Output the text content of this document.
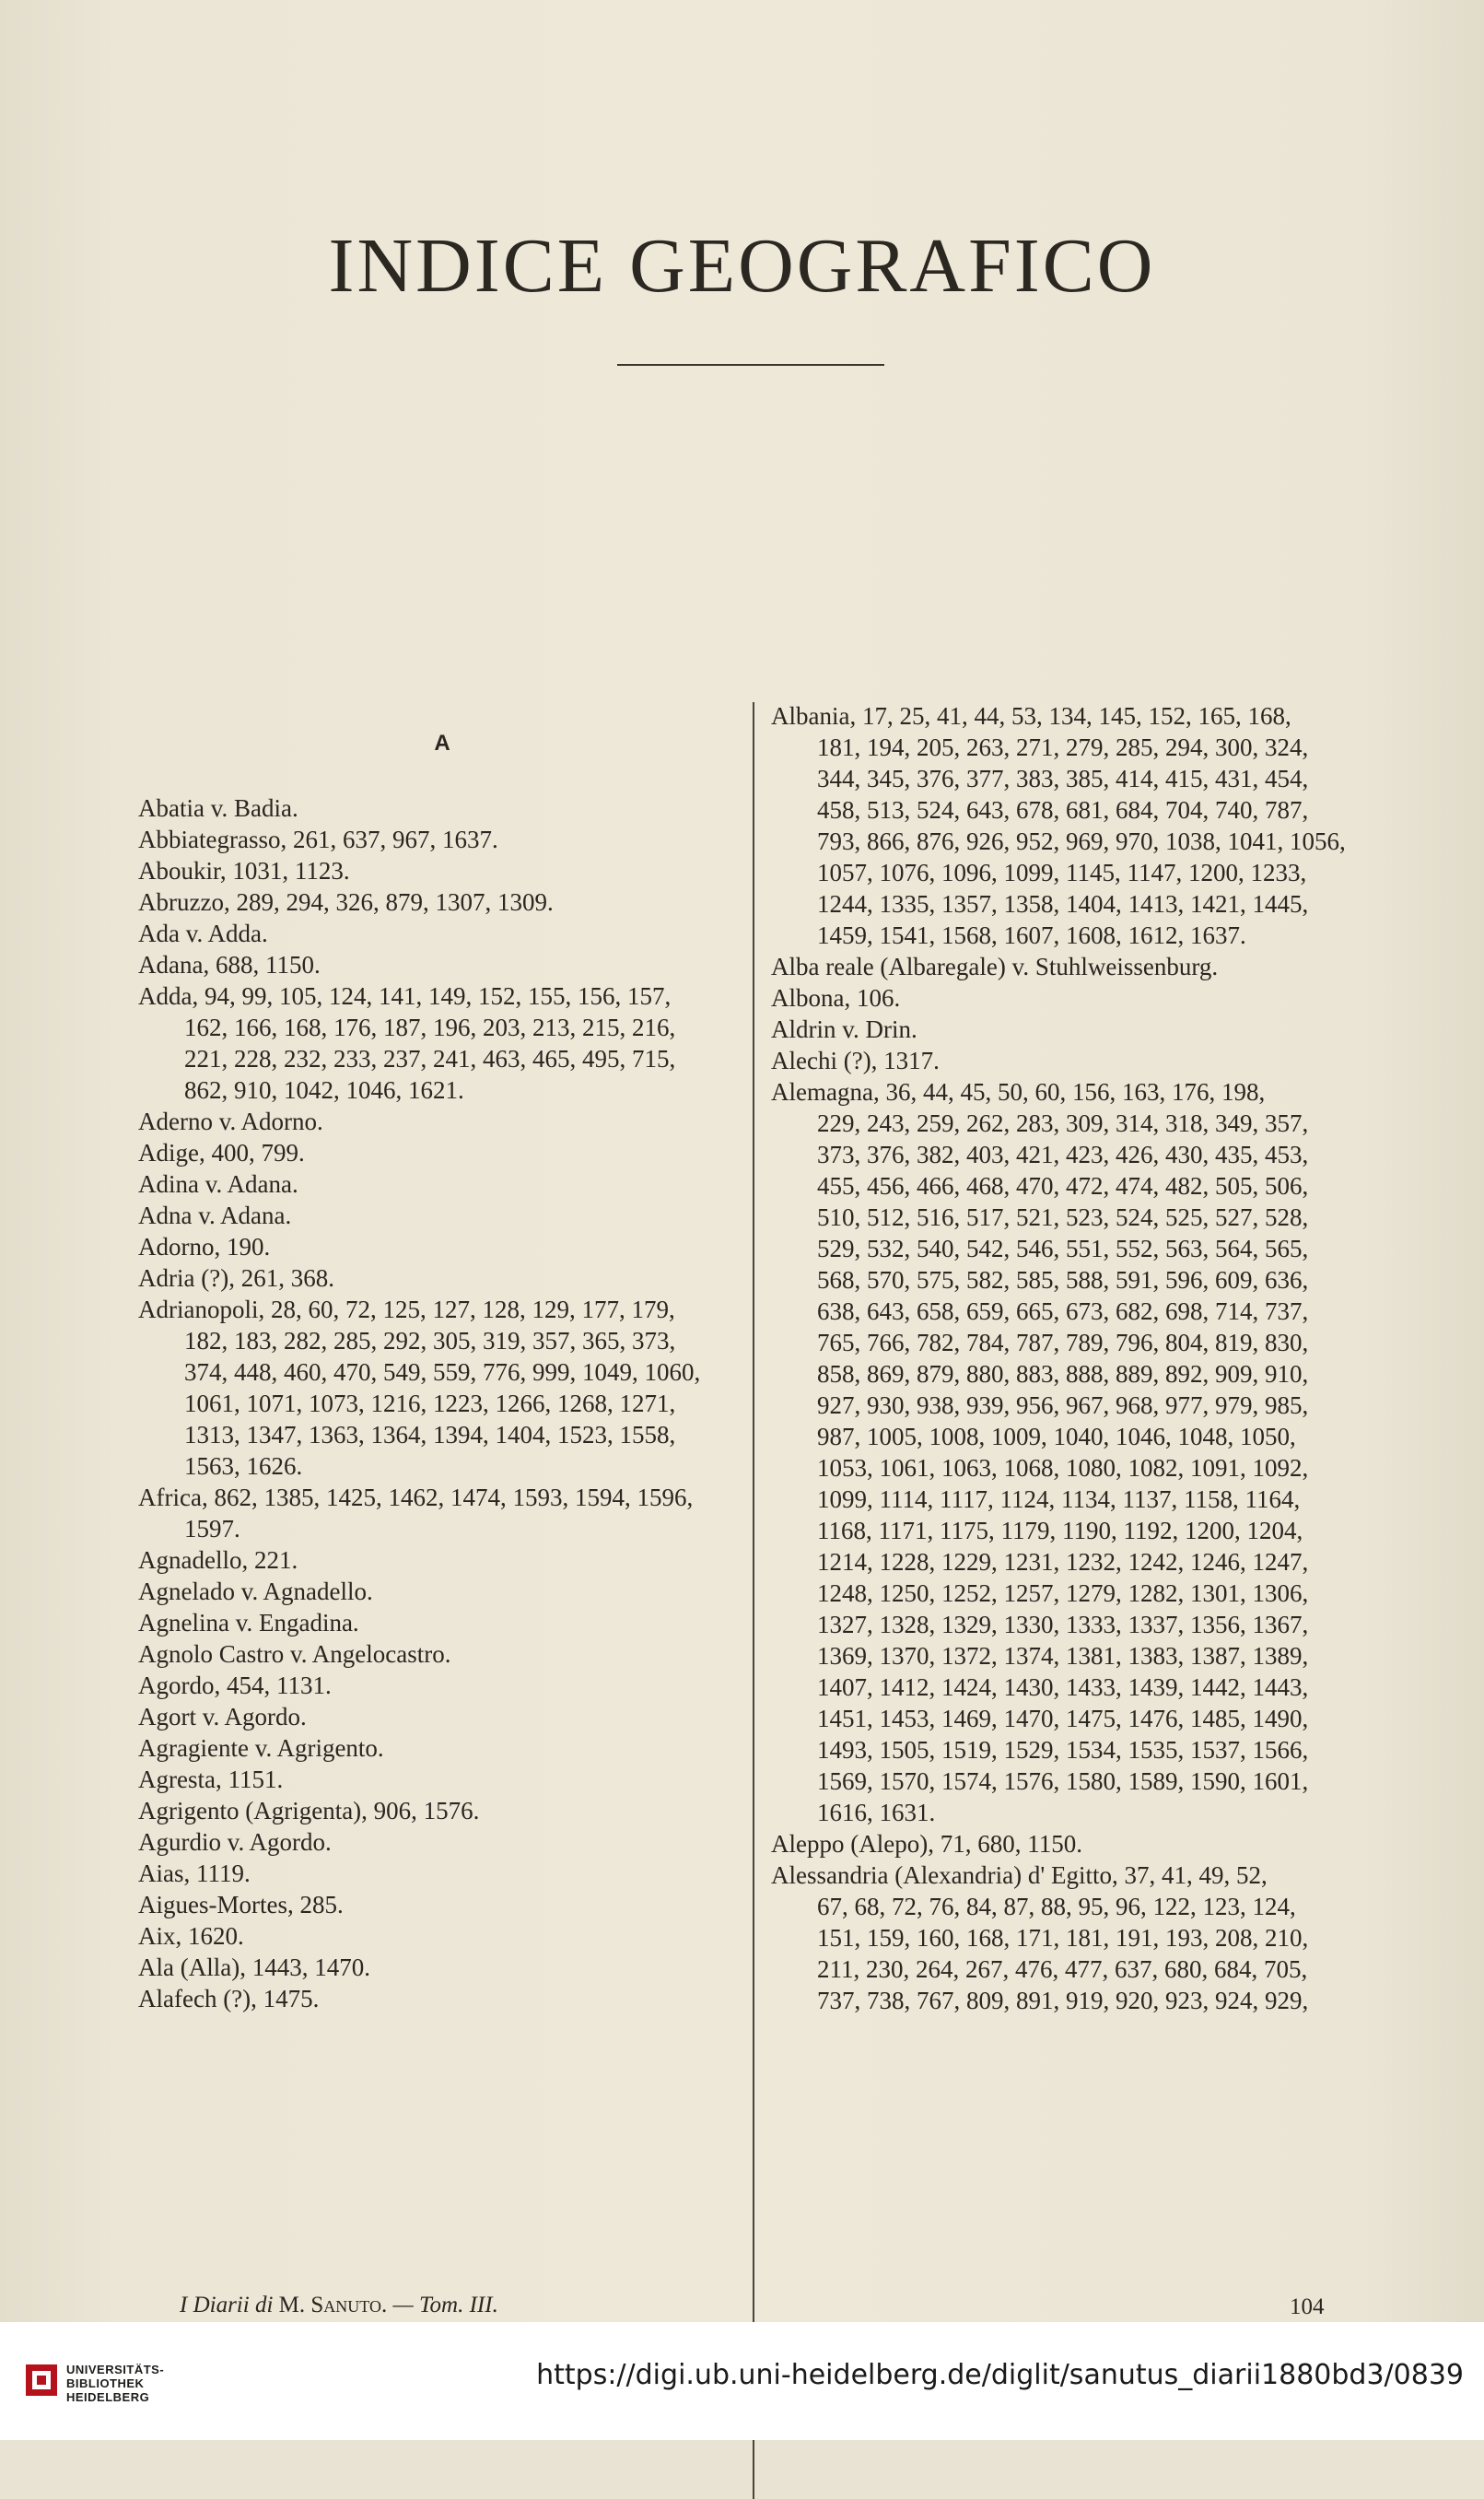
INDICE GEOGRAFICO
A
Abatia v. Badia.
Abbiategrasso, 261, 637, 967, 1637.
Aboukir, 1031, 1123.
Abruzzo, 289, 294, 326, 879, 1307, 1309.
Ada v. Adda.
Adana, 688, 1150.
Adda, 94, 99, 105, 124, 141, 149, 152, 155, 156, 157,
162, 166, 168, 176, 187, 196, 203, 213, 215, 216,
221, 228, 232, 233, 237, 241, 463, 465, 495, 715,
862, 910, 1042, 1046, 1621.
Aderno v. Adorno.
Adige, 400, 799.
Adina v. Adana.
Adna v. Adana.
Adorno, 190.
Adria (?), 261, 368.
Adrianopoli, 28, 60, 72, 125, 127, 128, 129, 177, 179,
182, 183, 282, 285, 292, 305, 319, 357, 365, 373,
374, 448, 460, 470, 549, 559, 776, 999, 1049, 1060,
1061, 1071, 1073, 1216, 1223, 1266, 1268, 1271,
1313, 1347, 1363, 1364, 1394, 1404, 1523, 1558,
1563, 1626.
Africa, 862, 1385, 1425, 1462, 1474, 1593, 1594, 1596,
1597.
Agnadello, 221.
Agnelado v. Agnadello.
Agnelina v. Engadina.
Agnolo Castro v. Angelocastro.
Agordo, 454, 1131.
Agort v. Agordo.
Agragiente v. Agrigento.
Agresta, 1151.
Agrigento (Agrigenta), 906, 1576.
Agurdio v. Agordo.
Aias, 1119.
Aigues-Mortes, 285.
Aix, 1620.
Ala (Alla), 1443, 1470.
Alafech (?), 1475.
Albania, 17, 25, 41, 44, 53, 134, 145, 152, 165, 168,
181, 194, 205, 263, 271, 279, 285, 294, 300, 324,
344, 345, 376, 377, 383, 385, 414, 415, 431, 454,
458, 513, 524, 643, 678, 681, 684, 704, 740, 787,
793, 866, 876, 926, 952, 969, 970, 1038, 1041, 1056,
1057, 1076, 1096, 1099, 1145, 1147, 1200, 1233,
1244, 1335, 1357, 1358, 1404, 1413, 1421, 1445,
1459, 1541, 1568, 1607, 1608, 1612, 1637.
Alba reale (Albaregale) v. Stuhlweissenburg.
Albona, 106.
Aldrin v. Drin.
Alechi (?), 1317.
Alemagna, 36, 44, 45, 50, 60, 156, 163, 176, 198,
229, 243, 259, 262, 283, 309, 314, 318, 349, 357,
373, 376, 382, 403, 421, 423, 426, 430, 435, 453,
455, 456, 466, 468, 470, 472, 474, 482, 505, 506,
510, 512, 516, 517, 521, 523, 524, 525, 527, 528,
529, 532, 540, 542, 546, 551, 552, 563, 564, 565,
568, 570, 575, 582, 585, 588, 591, 596, 609, 636,
638, 643, 658, 659, 665, 673, 682, 698, 714, 737,
765, 766, 782, 784, 787, 789, 796, 804, 819, 830,
858, 869, 879, 880, 883, 888, 889, 892, 909, 910,
927, 930, 938, 939, 956, 967, 968, 977, 979, 985,
987, 1005, 1008, 1009, 1040, 1046, 1048, 1050,
1053, 1061, 1063, 1068, 1080, 1082, 1091, 1092,
1099, 1114, 1117, 1124, 1134, 1137, 1158, 1164,
1168, 1171, 1175, 1179, 1190, 1192, 1200, 1204,
1214, 1228, 1229, 1231, 1232, 1242, 1246, 1247,
1248, 1250, 1252, 1257, 1279, 1282, 1301, 1306,
1327, 1328, 1329, 1330, 1333, 1337, 1356, 1367,
1369, 1370, 1372, 1374, 1381, 1383, 1387, 1389,
1407, 1412, 1424, 1430, 1433, 1439, 1442, 1443,
1451, 1453, 1469, 1470, 1475, 1476, 1485, 1490,
1493, 1505, 1519, 1529, 1534, 1535, 1537, 1566,
1569, 1570, 1574, 1576, 1580, 1589, 1590, 1601,
1616, 1631.
Aleppo (Alepo), 71, 680, 1150.
Alessandria (Alexandria) d' Egitto, 37, 41, 49, 52,
67, 68, 72, 76, 84, 87, 88, 95, 96, 122, 123, 124,
151, 159, 160, 168, 171, 181, 191, 193, 208, 210,
211, 230, 264, 267, 476, 477, 637, 680, 684, 705,
737, 738, 767, 809, 891, 919, 920, 923, 924, 929,
I Diarii di M. Sanuto. — Tom. III.	104
UNIVERSITÄTS-
BIBLIOTHEK
HEIDELBERG
https://digi.ub.uni-heidelberg.de/diglit/sanutus_diarii1880bd3/0839
